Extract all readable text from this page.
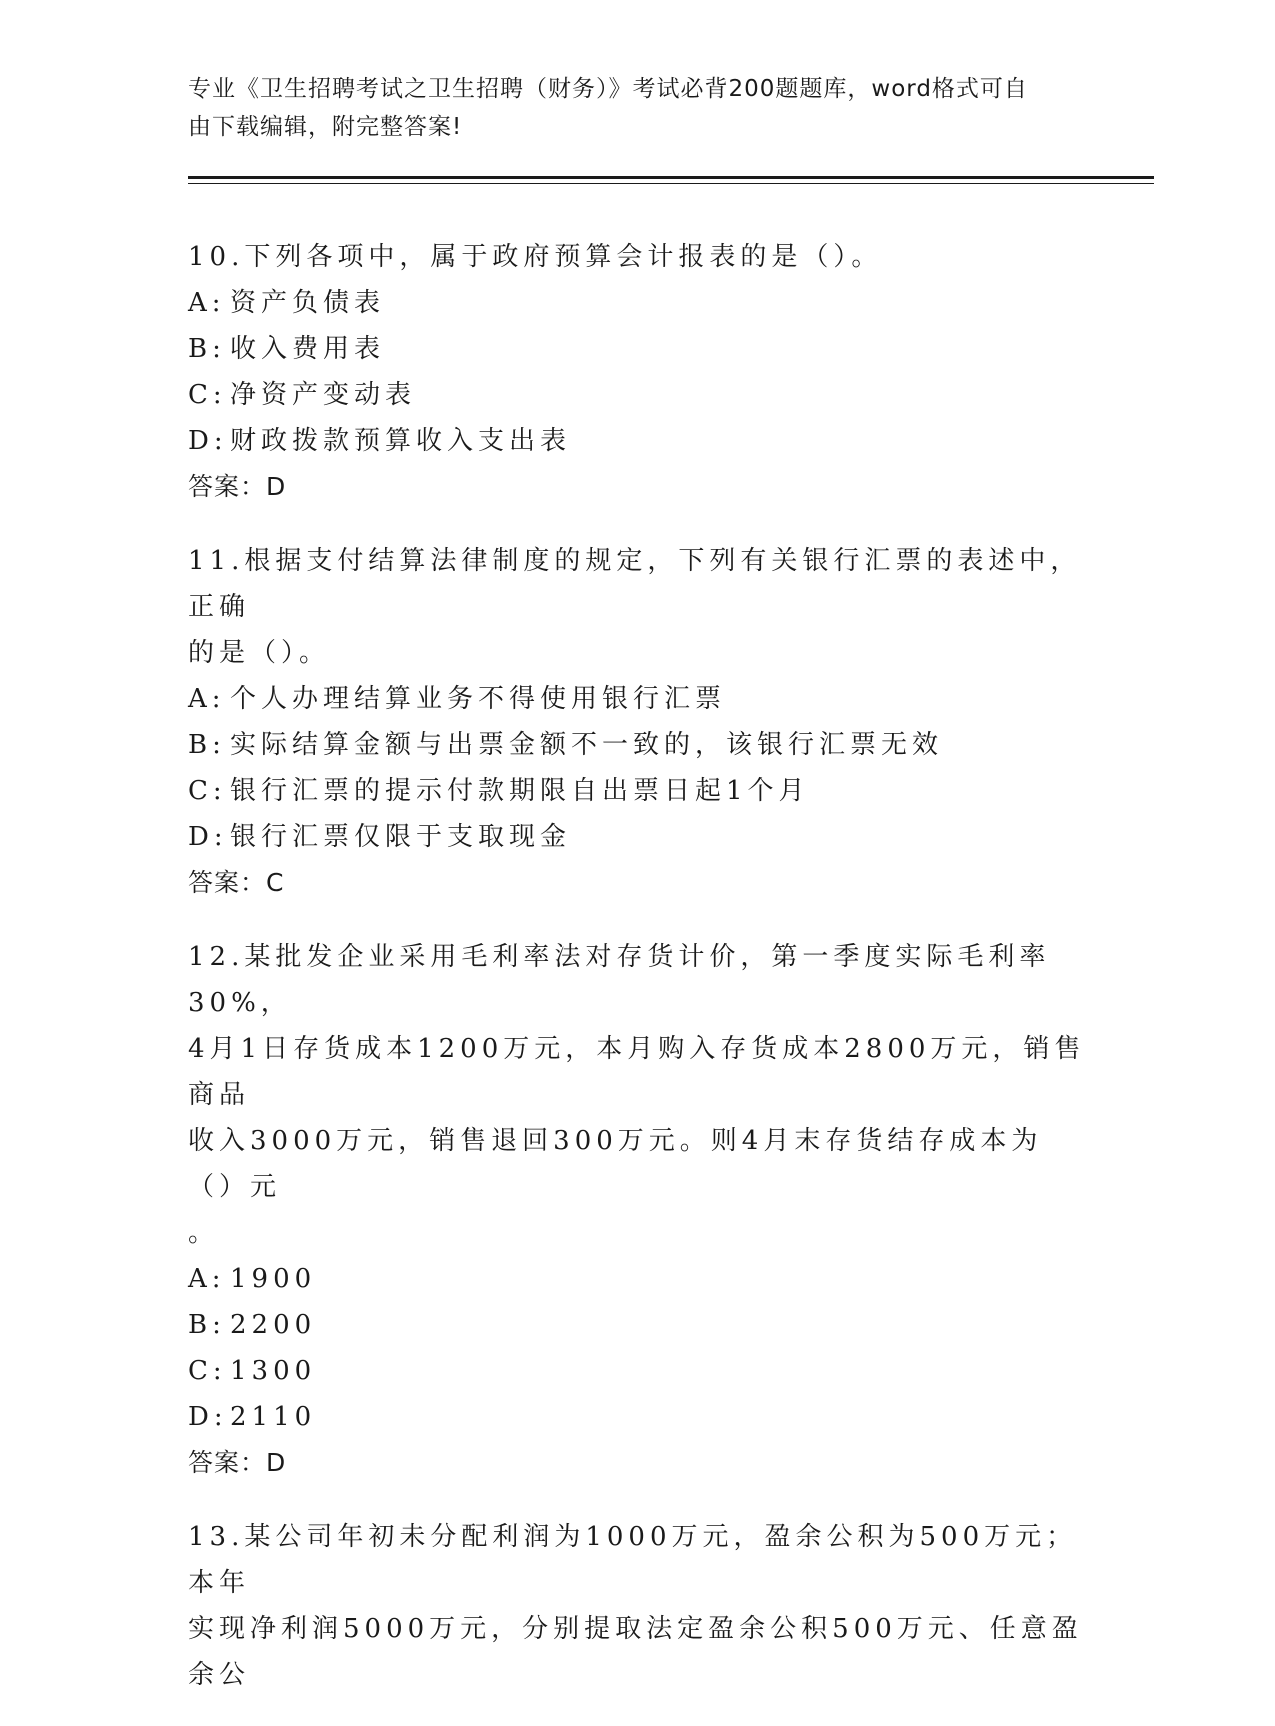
专业《卫生招聘考试之卫生招聘（财务）》考试必背200题题库，word格式可自
由下载编辑，附完整答案!

10.下列各项中，属于政府预算会计报表的是（）。

A: 资产负债表

B: 收入费用表

C: 净资产变动表

D: 财政拨款预算收入支出表

答案：D

11.根据支付结算法律制度的规定，下列有关银行汇票的表述中，正确
的是（）。

A: 个人办理结算业务不得使用银行汇票

B: 实际结算金额与出票金额不一致的，该银行汇票无效

C: 银行汇票的提示付款期限自出票日起1个月

D: 银行汇票仅限于支取现金

答案：C

12.某批发企业采用毛利率法对存货计价，第一季度实际毛利率30%，
4月1日存货成本1200万元，本月购入存货成本2800万元，销售商品
收入3000万元，销售退回300万元。则4月末存货结存成本为（）元
。

A: 1900

B: 2200

C: 1300

D: 2110

答案：D

13.某公司年初未分配利润为1000万元，盈余公积为500万元；本年
实现净利润5000万元，分别提取法定盈余公积500万元、任意盈余公
